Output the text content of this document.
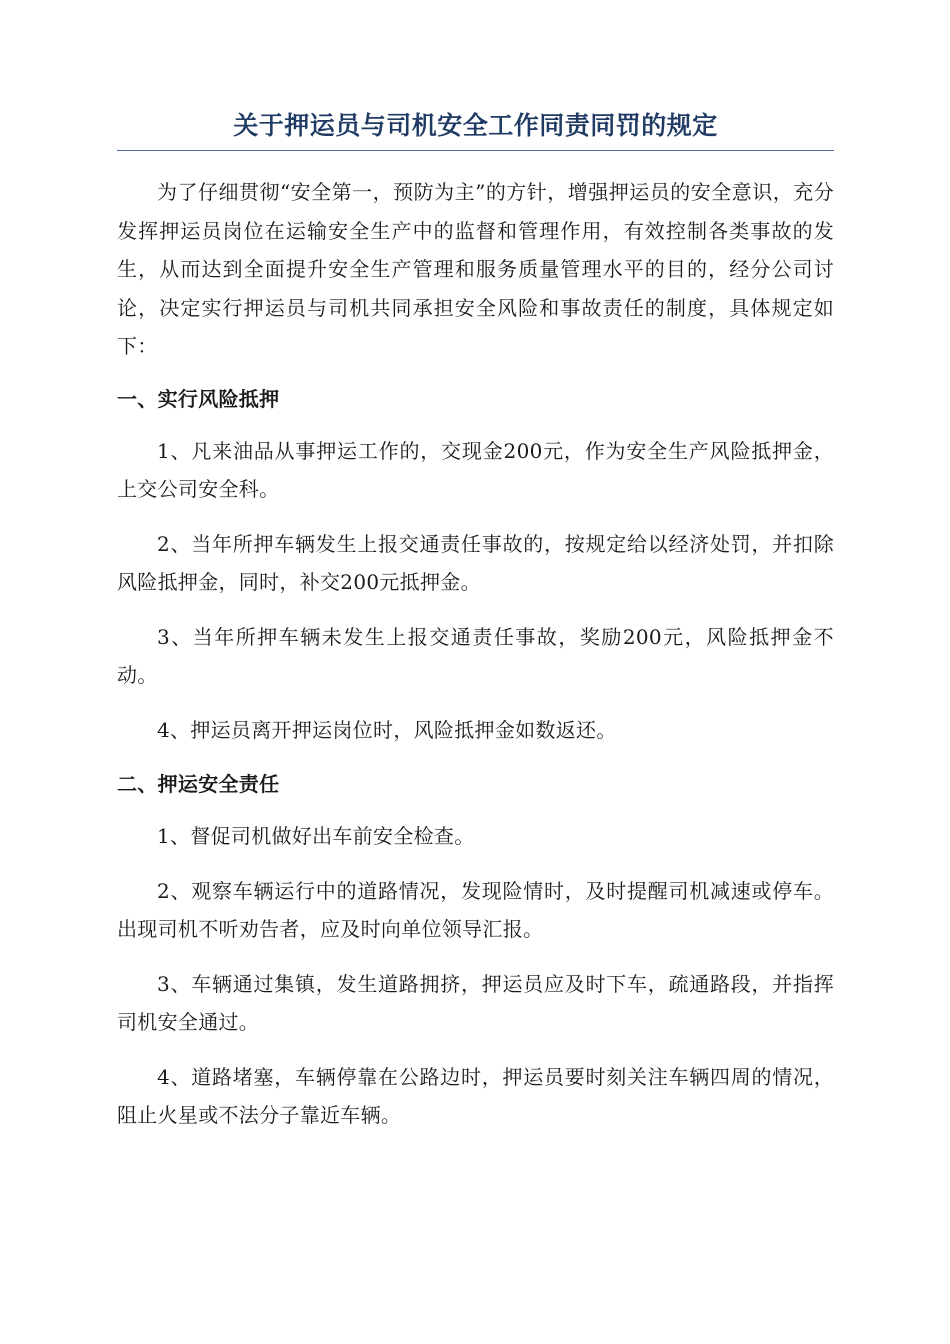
关于押运员与司机安全工作同责同罚的规定

为了仔细贯彻“安全第一，预防为主”的方针，增强押运员的安全意识，充分发挥押运员岗位在运输安全生产中的监督和管理作用，有效控制各类事故的发生，从而达到全面提升安全生产管理和服务质量管理水平的目的，经分公司讨论，决定实行押运员与司机共同承担安全风险和事故责任的制度，具体规定如下：

一、实行风险抵押

1、凡来油品从事押运工作的，交现金200元，作为安全生产风险抵押金，上交公司安全科。

2、当年所押车辆发生上报交通责任事故的，按规定给以经济处罚，并扣除风险抵押金，同时，补交200元抵押金。

3、当年所押车辆未发生上报交通责任事故，奖励200元，风险抵押金不动。

4、押运员离开押运岗位时，风险抵押金如数返还。

二、押运安全责任

1、督促司机做好出车前安全检查。

2、观察车辆运行中的道路情况，发现险情时，及时提醒司机减速或停车。出现司机不听劝告者，应及时向单位领导汇报。

3、车辆通过集镇，发生道路拥挤，押运员应及时下车，疏通路段，并指挥司机安全通过。

4、道路堵塞，车辆停靠在公路边时，押运员要时刻关注车辆四周的情况，阻止火星或不法分子靠近车辆。
